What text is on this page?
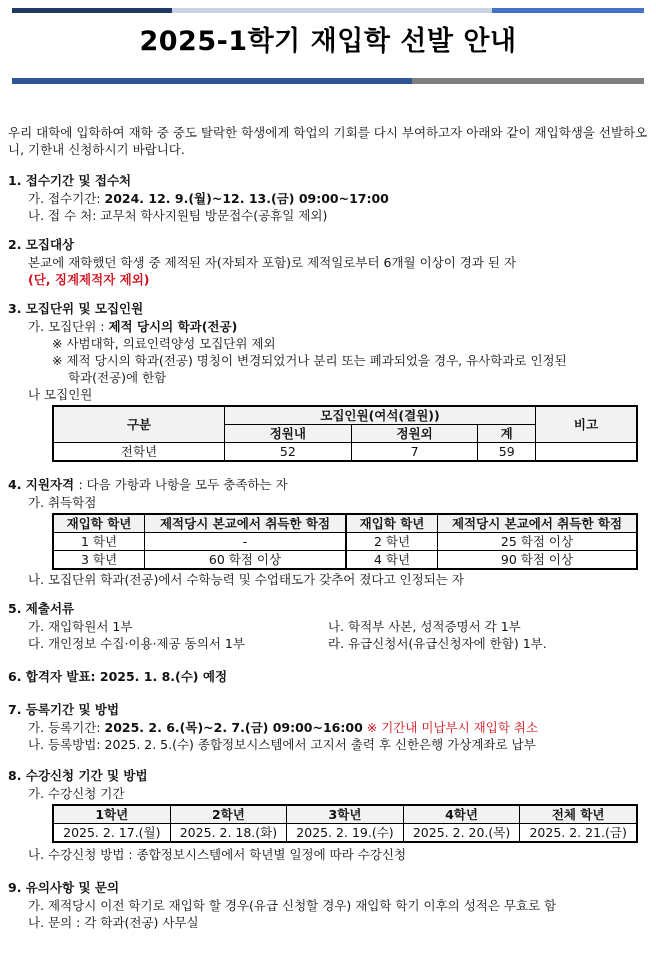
2025-1학기 재입학 선발 안내
우리 대학에 입학하여 재학 중 중도 탈락한 학생에게 학업의 기회를 다시 부여하고자 아래와 같이 재입학생을 선발하오니, 기한내 신청하시기 바랍니다.
1. 접수기간 및 접수처
가. 접수기간: 2024. 12. 9.(월)~12. 13.(금) 09:00~17:00
나. 접 수 처: 교무처 학사지원팀 방문접수(공휴일 제외)
2. 모집대상
본교에 재학했던 학생 중 제적된 자(자퇴자 포함)로 제적일로부터 6개월 이상이 경과 된 자
(단, 징계제적자 제외)
3. 모집단위 및 모집인원
가. 모집단위 : 제적 당시의 학과(전공)
※ 사범대학, 의료인력양성 모집단위 제외
※ 제적 당시의 학과(전공) 명칭이 변경되었거나 분리 또는 폐과되었을 경우, 유사학과로 인정된
학과(전공)에 한함
나 모집인원
구분	모집인원(여석(결원))			비고
	정원내	정원외	계	
전학년	52	7	59	
4. 지원자격 : 다음 가항과 나항을 모두 충족하는 자
가. 취득학점
재입학 학년	제적당시 본교에서 취득한 학점	재입학 학년	제적당시 본교에서 취득한 학점
1 학년	-	2 학년	25 학점 이상
3 학년	60 학점 이상	4 학년	90 학점 이상
나. 모집단위 학과(전공)에서 수학능력 및 수업태도가 갖추어 졌다고 인정되는 자
5. 제출서류
가. 재입학원서 1부	나. 학적부 사본, 성적증명서 각 1부
다. 개인정보 수집·이용·제공 동의서 1부	라. 유급신청서(유급신청자에 한함) 1부.
6. 합격자 발표: 2025. 1. 8.(수) 예정
7. 등록기간 및 방법
가. 등록기간: 2025. 2. 6.(목)~2. 7.(금) 09:00~16:00 ※ 기간내 미납부시 재입학 취소
나. 등록방법: 2025. 2. 5.(수) 종합정보시스템에서 고지서 출력 후 신한은행 가상계좌로 납부
8. 수강신청 기간 및 방법
가. 수강신청 기간
1학년	2학년	3학년	4학년	전체 학년
2025. 2. 17.(월)	2025. 2. 18.(화)	2025. 2. 19.(수)	2025. 2. 20.(목)	2025. 2. 21.(금)
나. 수강신청 방법 : 종합정보시스템에서 학년별 일정에 따라 수강신청
9. 유의사항 및 문의
가. 제적당시 이전 학기로 재입학 할 경우(유급 신청할 경우) 재입학 학기 이후의 성적은 무효로 함
나. 문의 : 각 학과(전공) 사무실
